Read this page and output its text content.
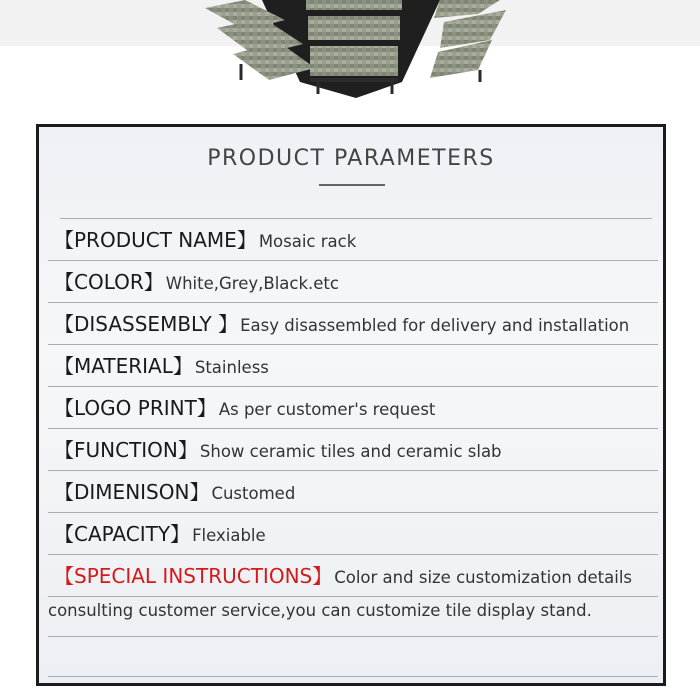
PRODUCT PARAMETERS
【PRODUCT NAME】 Mosaic rack
【COLOR】 White,Grey,Black.etc
【DISASSEMBLY 】 Easy disassembled for delivery and installation
【MATERIAL】 Stainless
【LOGO PRINT】 As per customer's request
【FUNCTION】 Show ceramic tiles and ceramic slab
【DIMENISON】 Customed
【CAPACITY】 Flexiable
【SPECIAL INSTRUCTIONS】 Color and size customization details
consulting customer service,you can customize tile display stand.
